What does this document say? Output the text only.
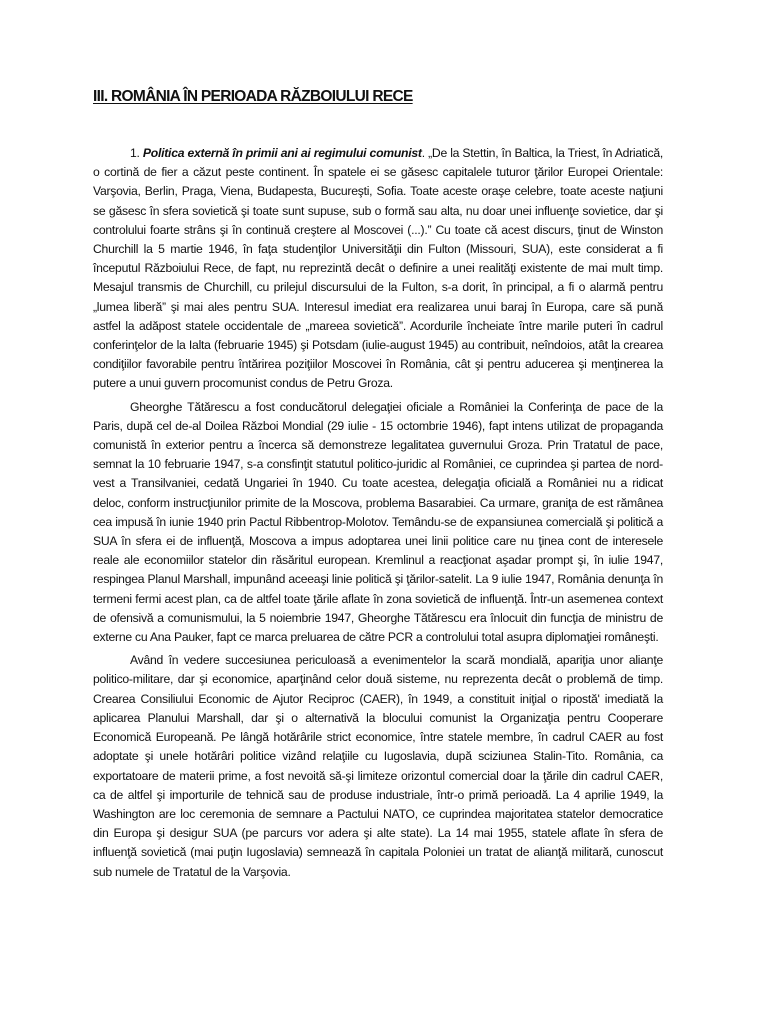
III. ROMÂNIA ÎN PERIOADA RĂZBOIULUI RECE

1. Politica externă în primii ani ai regimului comunist. „De la Stettin, în Baltica, la Triest, în Adriatică, o cortină de fier a căzut peste continent. În spatele ei se găsesc capitalele tuturor ţărilor Europei Orientale: Varşovia, Berlin, Praga, Viena, Budapesta, Bucureşti, Sofia. Toate aceste oraşe celebre, toate aceste naţiuni se găsesc în sfera sovietică şi toate sunt supuse, sub o formă sau alta, nu doar unei influenţe sovietice, dar şi controlului foarte strâns şi în continuă creştere al Moscovei (...).” Cu toate că acest discurs, ţinut de Winston Churchill la 5 martie 1946, în faţa studenţilor Universităţii din Fulton (Missouri, SUA), este considerat a fi începutul Războiului Rece, de fapt, nu reprezintă decât o definire a unei realităţi existente de mai mult timp. Mesajul transmis de Churchill, cu prilejul discursului de la Fulton, s-a dorit, în principal, a fi o alarmă pentru „lumea liberă” şi mai ales pentru SUA. Interesul imediat era realizarea unui baraj în Europa, care să pună astfel la adăpost statele occidentale de „mareea sovietică”. Acordurile încheiate între marile puteri în cadrul conferinţelor de la Ialta (februarie 1945) şi Potsdam (iulie-august 1945) au contribuit, neîndoios, atât la crearea condiţiilor favorabile pentru întărirea poziţiilor Moscovei în România, cât şi pentru aducerea şi menţinerea la putere a unui guvern procomunist condus de Petru Groza.

Gheorghe Tătărescu a fost conducătorul delegaţiei oficiale a României la Conferinţa de pace de la Paris, după cel de-al Doilea Război Mondial (29 iulie - 15 octombrie 1946), fapt intens utilizat de propaganda comunistă în exterior pentru a încerca să demonstreze legalitatea guvernului Groza. Prin Tratatul de pace, semnat la 10 februarie 1947, s-a consfinţit statutul politico-juridic al României, ce cuprindea şi partea de nord-vest a Transilvaniei, cedată Ungariei în 1940. Cu toate acestea, delegaţia oficială a României nu a ridicat deloc, conform instrucţiunilor primite de la Moscova, problema Basarabiei. Ca urmare, graniţa de est rămânea cea impusă în iunie 1940 prin Pactul Ribbentrop-Molotov. Temându-se de expansiunea comercială şi politică a SUA în sfera ei de influenţă, Moscova a impus adoptarea unei linii politice care nu ţinea cont de interesele reale ale economiilor statelor din răsăritul european. Kremlinul a reacţionat aşadar prompt şi, în iulie 1947, respingea Planul Marshall, impunând aceeaşi linie politică şi ţărilor-satelit. La 9 iulie 1947, România denunţa în termeni fermi acest plan, ca de altfel toate ţările aflate în zona sovietică de influenţă. Într-un asemenea context de ofensivă a comunismului, la 5 noiembrie 1947, Gheorghe Tătărescu era înlocuit din funcţia de ministru de externe cu Ana Pauker, fapt ce marca preluarea de către PCR a controlului total asupra diplomaţiei româneşti.

Având în vedere succesiunea periculoasă a evenimentelor la scară mondială, apariţia unor alianţe politico-militare, dar şi economice, aparţinând celor două sisteme, nu reprezenta decât o problemă de timp. Crearea Consiliului Economic de Ajutor Reciproc (CAER), în 1949, a constituit iniţial o ripostă' imediată la aplicarea Planului Marshall, dar şi o alternativă la blocului comunist la Organizaţia pentru Cooperare Economică Europeană. Pe lângă hotărârile strict economice, între statele membre, în cadrul CAER au fost adoptate şi unele hotărâri politice vizând relaţiile cu Iugoslavia, după sciziunea Stalin-Tito. România, ca exportatoare de materii prime, a fost nevoită să-şi limiteze orizontul comercial doar la ţările din cadrul CAER, ca de altfel şi importurile de tehnică sau de produse industriale, într-o primă perioadă. La 4 aprilie 1949, la Washington are loc ceremonia de semnare a Pactului NATO, ce cuprindea majoritatea statelor democratice din Europa şi desigur SUA (pe parcurs vor adera şi alte state). La 14 mai 1955, statele aflate în sfera de influenţă sovietică (mai puţin Iugoslavia) semnează în capitala Poloniei un tratat de alianţă militară, cunoscut sub numele de Tratatul de la Varşovia.
